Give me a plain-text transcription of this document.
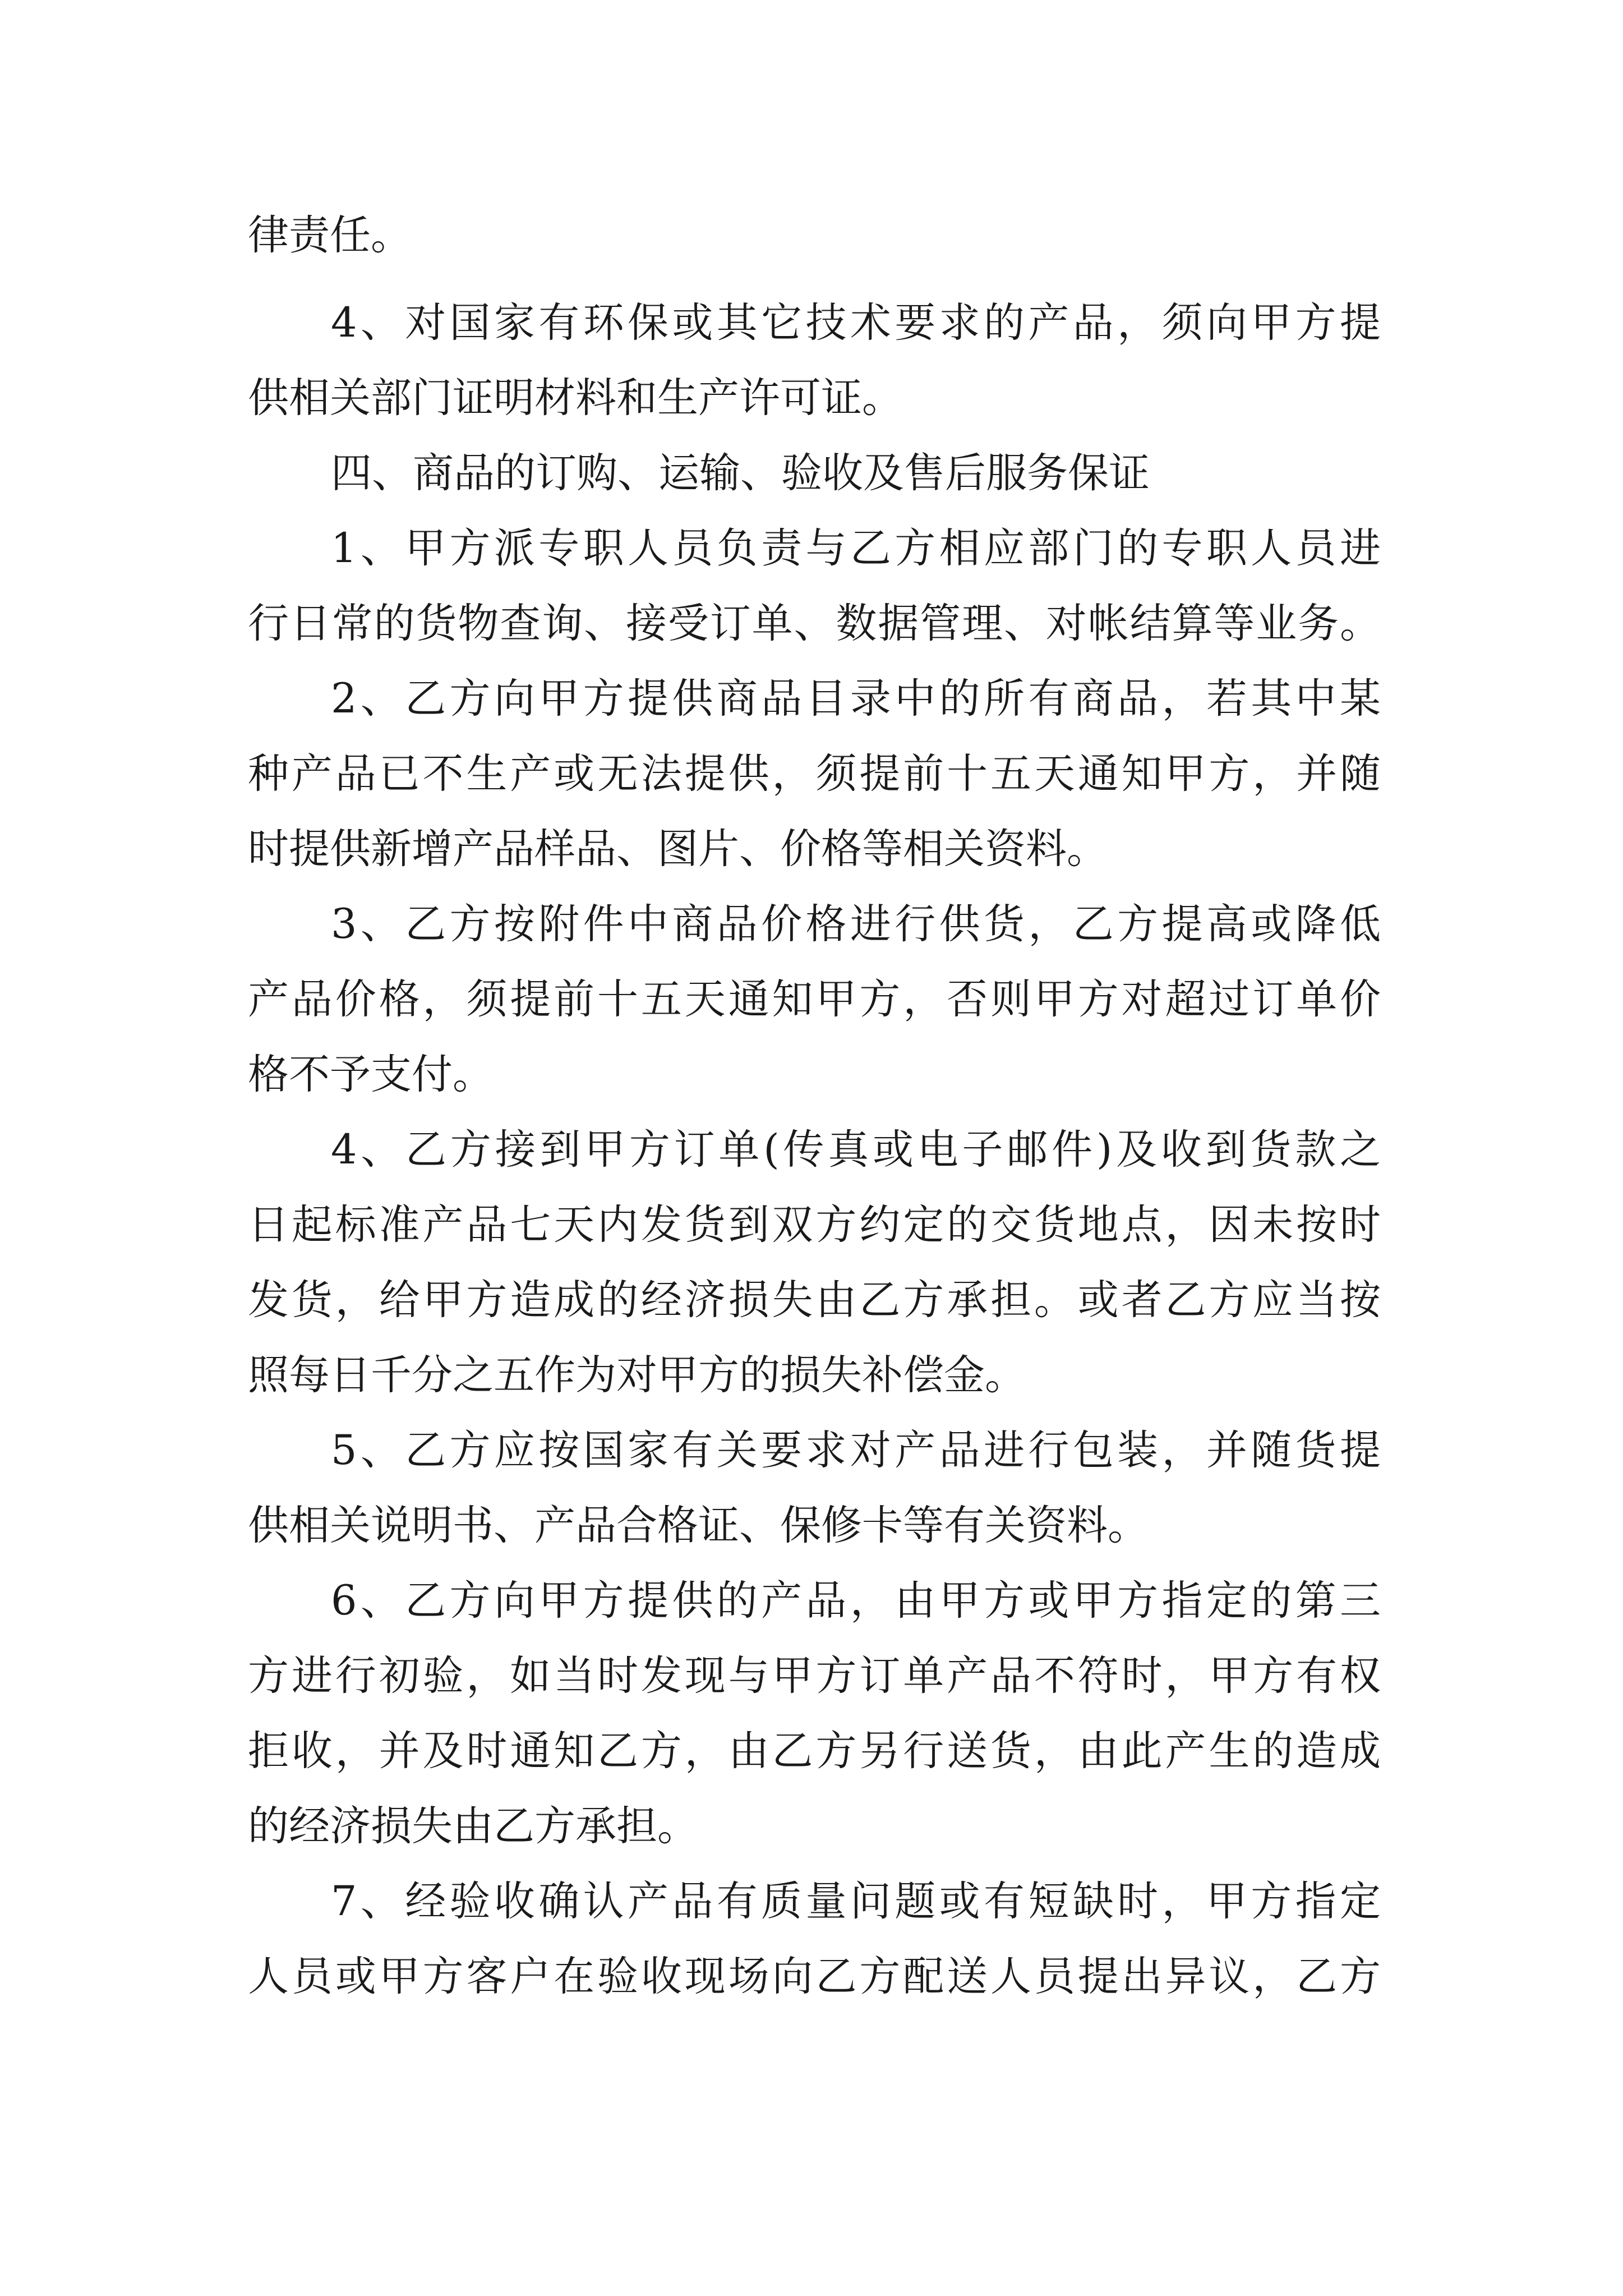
律责任。

4、对国家有环保或其它技术要求的产品，须向甲方提

供相关部门证明材料和生产许可证。

四、商品的订购、运输、验收及售后服务保证

1、甲方派专职人员负责与乙方相应部门的专职人员进

行日常的货物查询、接受订单、数据管理、对帐结算等业务。

2、乙方向甲方提供商品目录中的所有商品，若其中某

种产品已不生产或无法提供，须提前十五天通知甲方，并随

时提供新增产品样品、图片、价格等相关资料。

3、乙方按附件中商品价格进行供货，乙方提高或降低

产品价格，须提前十五天通知甲方，否则甲方对超过订单价

格不予支付。

4、乙方接到甲方订单(传真或电子邮件)及收到货款之

日起标准产品七天内发货到双方约定的交货地点，因未按时

发货，给甲方造成的经济损失由乙方承担。或者乙方应当按

照每日千分之五作为对甲方的损失补偿金。

5、乙方应按国家有关要求对产品进行包装，并随货提

供相关说明书、产品合格证、保修卡等有关资料。

6、乙方向甲方提供的产品，由甲方或甲方指定的第三

方进行初验，如当时发现与甲方订单产品不符时，甲方有权

拒收，并及时通知乙方，由乙方另行送货，由此产生的造成

的经济损失由乙方承担。

7、经验收确认产品有质量问题或有短缺时，甲方指定

人员或甲方客户在验收现场向乙方配送人员提出异议，乙方
